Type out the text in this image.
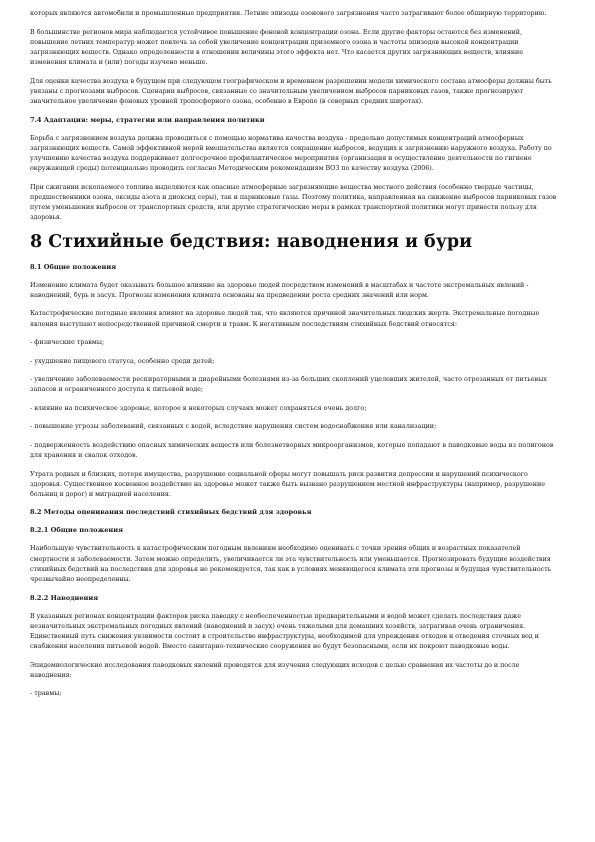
которых являются автомобили и промышленные предприятия. Летние эпизоды озонового загрязнения часто затрагивают более обширную территорию.

В большинстве регионов мира наблюдается устойчивое повышение фоновой концентрации озона. Если другие факторы остаются без изменений, повышение летних температур может повлечь за собой увеличение концентрации приземного озона и частоты эпизодов высокой концентрации загрязняющих веществ. Однако определенности в отношении величины этого эффекта нет. Что касается других загрязняющих веществ, влияние изменения климата и (или) погоды изучено меньше.

Для оценки качества воздуха в будущем при следующем географическом и временном разрешении модели химического состава атмосферы должны быть увязаны с прогнозами выбросов. Сценарии выбросов, связанные со значительным увеличением выбросов парниковых газов, также прогнозируют значительное увеличение фоновых уровней тропосферного озона, особенно в Европе (в северных средних широтах).

7.4 Адаптация: меры, стратегии или направления политики

Борьба с загрязнением воздуха должна проводиться с помощью норматива качества воздуха - предельно допустимых концентраций атмосферных загрязняющих веществ. Самой эффективной мерой вмешательства является сокращение выбросов, ведущих к загрязнению наружного воздуха. Работу по улучшению качества воздуха поддерживает долгосрочное профилактическое мероприятия (организация и осуществление деятельности по гигиене окружающей среды) потенциально проводить согласно Методическим рекомендациям ВОЗ по качеству воздуха (2006).

При сжигании ископаемого топлива выделяются как опасные атмосферные загрязняющие вещества местного действия (особенно твердые частицы, предшественники озона, оксиды азота и диоксид серы), так и парниковые газы. Поэтому политика, направленная на снижение выбросов парниковых газов путем уменьшения выбросов от транспортных средств, или другие стратегические меры в рамках транспортной политики могут принести пользу для здоровья.

8 Стихийные бедствия: наводнения и бури
8.1 Общие положения

Изменение климата будет оказывать большое влияние на здоровье людей посредством изменений в масштабах и частоте экстремальных явлений - наводнений, бурь и засух. Прогнозы изменения климата основаны на предведении роста средних значений или норм.

Катастрофические погодные явления влияют на здоровье людей так, что являются причиной значительных людских жертв. Экстремальные погодные явления выступают непосредственной причиной смерти и травм. К негативным последствиям стихийных бедствий относятся:

- физические травмы;

- ухудшение пищевого статуса, особенно среди детей;

- увеличение заболеваемости респираторными и диарейными болезнями из-за больших скоплений уцелевших жителей, часто отрезанных от питьевых запасов и ограниченного доступа к питьевой воде;

- влияние на психическое здоровье, которое в некоторых случаях может сохраняться очень долго;

- повышение угрозы заболеваний, связанных с водой, вследствие нарушения систем водоснабжения или канализации;

- подверженность воздействию опасных химических веществ или болезнетворных микроорганизмов, которые попадают в паводковые воды из полигонов для хранения и свалок отходов.

Утрата родных и близких, потеря имущества, разрушение социальной сферы могут повышать риск развития депрессии и нарушений психического здоровья. Существенное косвенное воздействие на здоровье может также быть вызвано разрушением местной инфраструктуры (например, разрушение больниц и дорог) и миграцией населения.

8.2 Методы оценивания последствий стихийных бедствий для здоровья
8.2.1 Общие положения

Наибольшую чувствительность к катастрофическим погодным явлениям необходимо оценивать с точки зрения общих и возрастных показателей смертности и заболеваемости. Затем можно определить, увеличивается ли эта чувствительность или уменьшается. Прогнозировать будущие воздействия стихийных бедствий на последствия для здоровья не рекомендуется, так как в условиях меняющегося климата эти прогнозы и будущая чувствительность чрезвычайно неопределенны.

8.2.2 Наводнения

В указанных регионах концентрации факторов риска паводку с необеспеченностью предварительными и водой может сделать последствия даже незначительных экстремальных погодных явлений (наводнений и засух) очень тяжелыми для домашних хозяйств, затрагивая очень ограничения. Единственный путь снижения уязвимости состоит в строительстве инфраструктуры, необходимой для упреждения отходов и отведения сточных вод и снабжения населения питьевой водой. Вместо санитарно-технические сооружения не будут безопасными, если их покроют паводковые воды.

Эпидемиологические исследования паводковых явлений проводятся для изучения следующих исходов с целью сравнения их частоты до и после наводнения:

- травмы;
